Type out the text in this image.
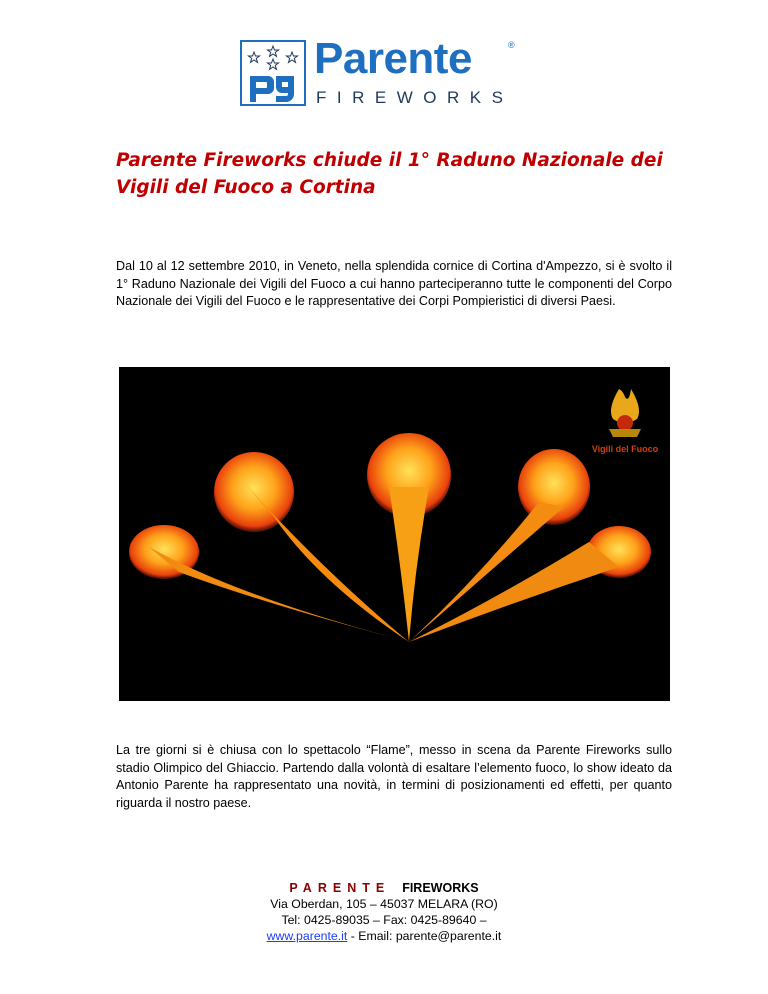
Parente	®
FIREWORKS
Parente Fireworks chiude il 1° Raduno Nazionale dei Vigili del Fuoco a Cortina

Dal 10 al 12 settembre 2010, in Veneto, nella splendida cornice di Cortina d'Ampezzo, si è svolto il 1° Raduno Nazionale dei Vigili del Fuoco a cui hanno parteciperanno tutte le componenti del Corpo Nazionale dei Vigili del Fuoco e le rappresentative dei Corpi Pompieristici di diversi Paesi.

Vigili del Fuoco

La tre giorni si è chiusa con lo spettacolo “Flame”, messo in scena da Parente Fireworks sullo stadio Olimpico del Ghiaccio. Partendo dalla volontà di esaltare l’elemento fuoco, lo show ideato da Antonio Parente ha rappresentato una novità, in termini di posizionamenti ed effetti, per quanto riguarda il nostro paese.

PARENTE FIREWORKS
Via Oberdan, 105 – 45037 MELARA (RO)
Tel: 0425-89035 – Fax: 0425-89640 –
www.parente.it - Email: parente@parente.it
